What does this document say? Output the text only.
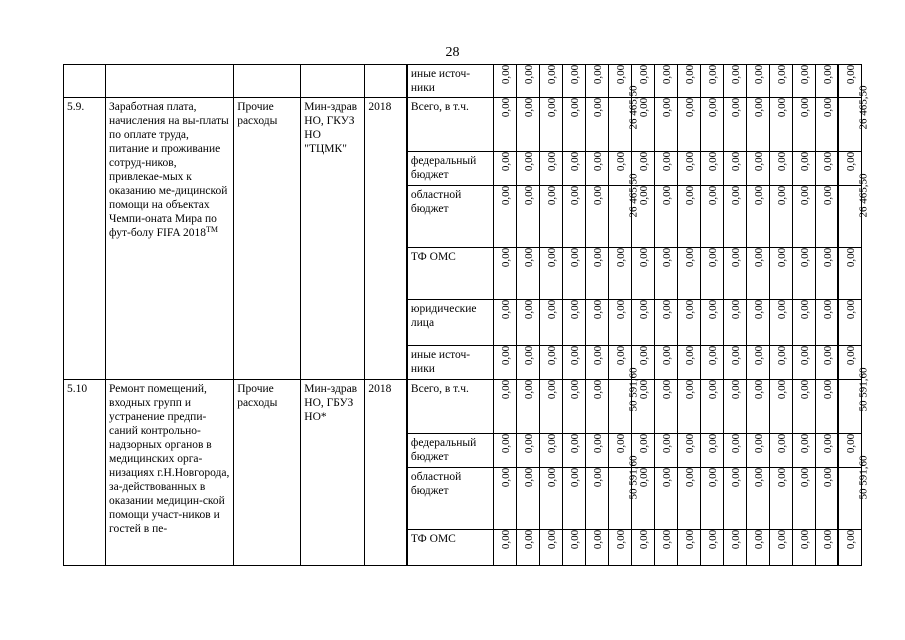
28
					иные источ-ники	0,00	0,00	0,00	0,00	0,00	0,00	0,00	0,00	0,00	0,00	0,00	0,00	0,00	0,00	0,00	0,00
5.9.	Заработная плата, начисления на вы-платы по оплате труда, питание и проживание сотруд-ников, привлекае-мых к оказанию ме-дицинской помощи на объектах Чемпи-оната Мира по фут-болу FIFA 2018™	Прочие расходы	Мин-здрав НО, ГКУЗ НО "ТЦМК"	2018	Всего, в т.ч.	0,00	0,00	0,00	0,00	0,00	26 465,50	0,00	0,00	0,00	0,00	0,00	0,00	0,00	0,00	0,00	26 465,50
					федеральный бюджет	0,00	0,00	0,00	0,00	0,00	0,00	0,00	0,00	0,00	0,00	0,00	0,00	0,00	0,00	0,00	0,00
					областной бюджет	0,00	0,00	0,00	0,00	0,00	26 465,50	0,00	0,00	0,00	0,00	0,00	0,00	0,00	0,00	0,00	26 465,50
					ТФ ОМС	0,00	0,00	0,00	0,00	0,00	0,00	0,00	0,00	0,00	0,00	0,00	0,00	0,00	0,00	0,00	0,00
					юридические лица	0,00	0,00	0,00	0,00	0,00	0,00	0,00	0,00	0,00	0,00	0,00	0,00	0,00	0,00	0,00	0,00
					иные источ-ники	0,00	0,00	0,00	0,00	0,00	0,00	0,00	0,00	0,00	0,00	0,00	0,00	0,00	0,00	0,00	0,00
5.10	Ремонт помещений, входных групп и устранение предпи-саний контрольно-надзорных органов в медицинских орга-низациях г.Н.Новгорода, за-действованных в оказании медицин-ской помощи участ-ников и гостей в пе-	Прочие расходы	Мин-здрав НО, ГБУЗ НО*	2018	Всего, в т.ч.	0,00	0,00	0,00	0,00	0,00	50 591,60	0,00	0,00	0,00	0,00	0,00	0,00	0,00	0,00	0,00	50 591,60
					федеральный бюджет	0,00	0,00	0,00	0,00	0,00	0,00	0,00	0,00	0,00	0,00	0,00	0,00	0,00	0,00	0,00	0,00
					областной бюджет	0,00	0,00	0,00	0,00	0,00	50 591,60	0,00	0,00	0,00	0,00	0,00	0,00	0,00	0,00	0,00	50 591,60
					ТФ ОМС	0,00	0,00	0,00	0,00	0,00	0,00	0,00	0,00	0,00	0,00	0,00	0,00	0,00	0,00	0,00	0,00
